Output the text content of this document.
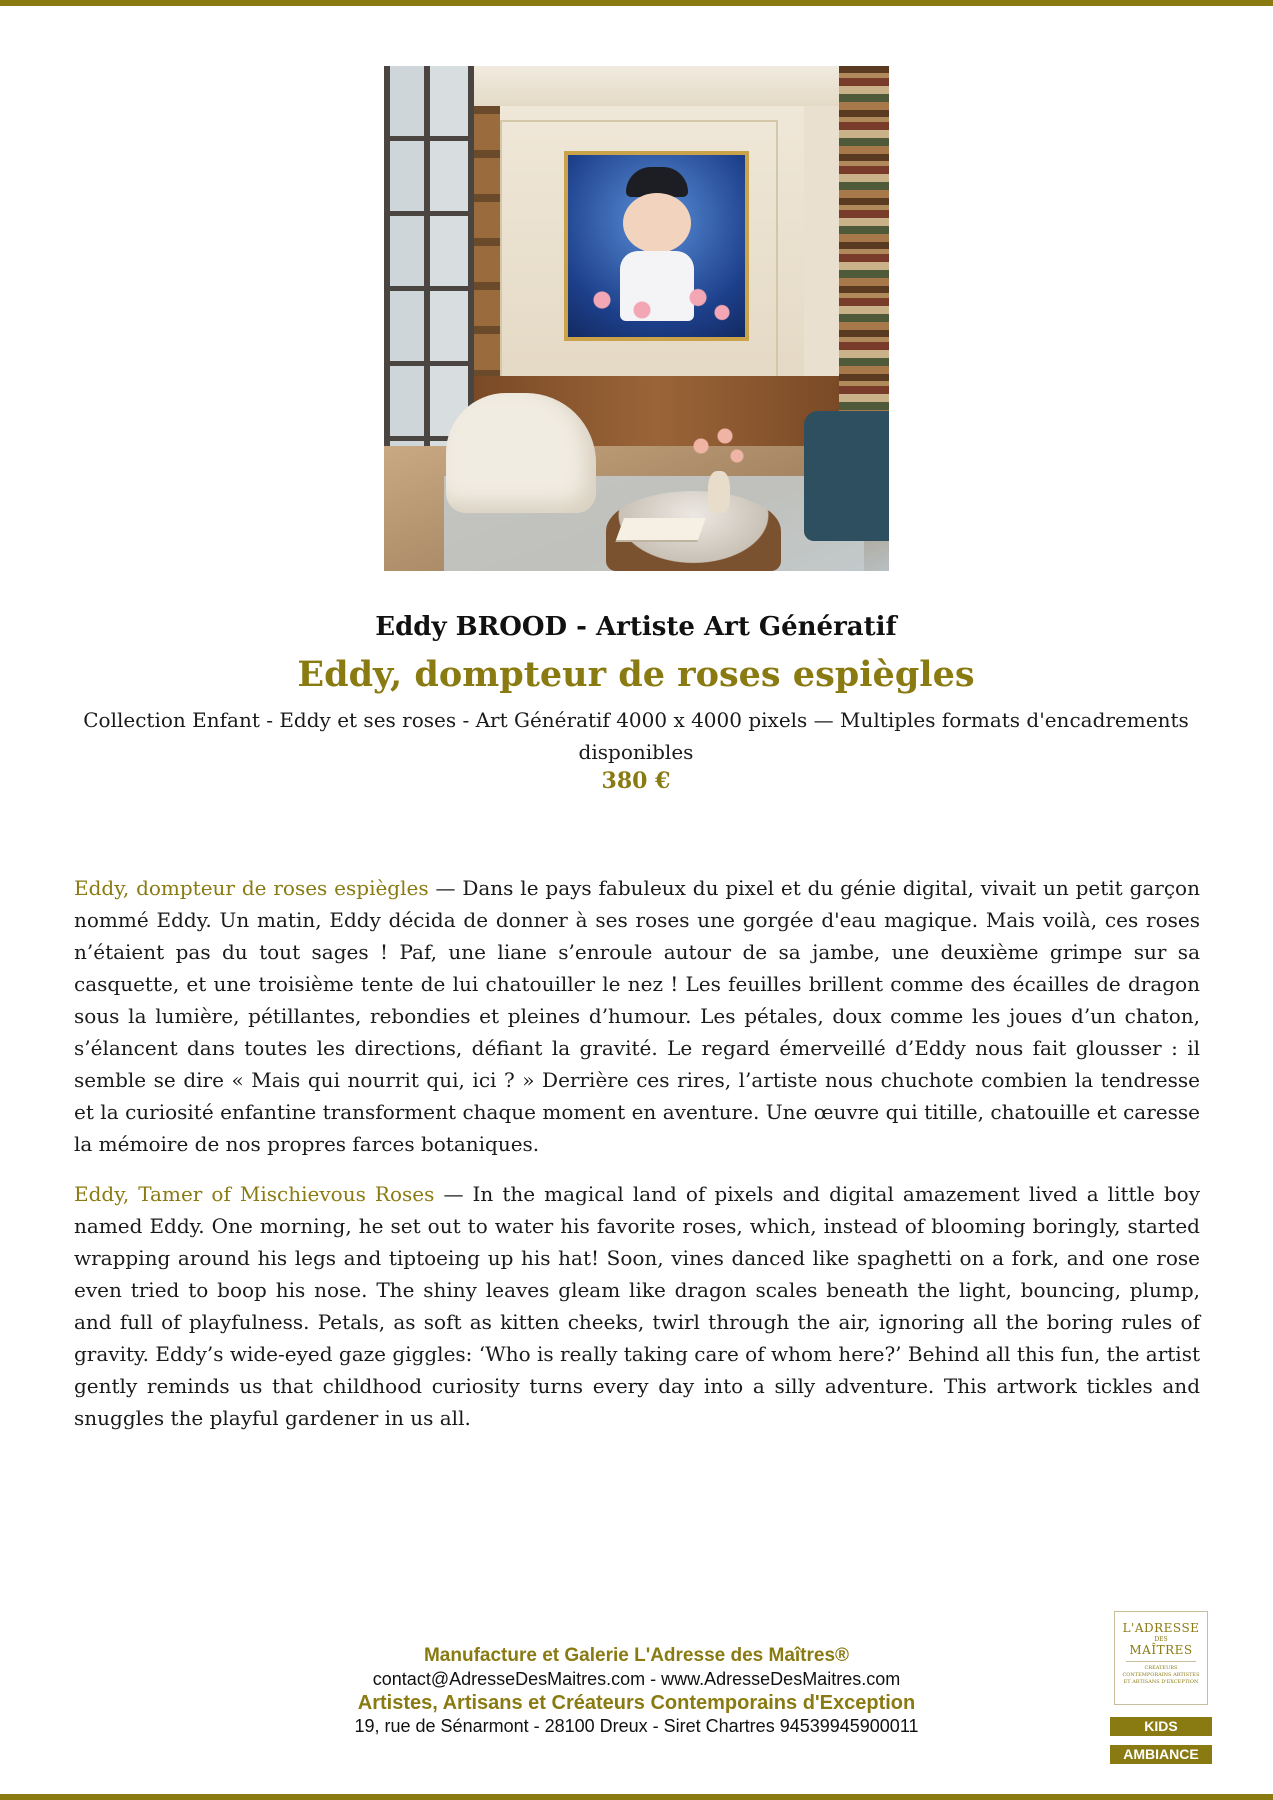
Eddy BROOD - Artiste Art Génératif

Eddy, dompteur de roses espiègles

Collection Enfant - Eddy et ses roses - Art Génératif 4000 x 4000 pixels — Multiples formats d'encadrements disponibles

380 €

Eddy, dompteur de roses espiègles — Dans le pays fabuleux du pixel et du génie digital, vivait un petit garçon nommé Eddy. Un matin, Eddy décida de donner à ses roses une gorgée d'eau magique. Mais voilà, ces roses n’étaient pas du tout sages ! Paf, une liane s’enroule autour de sa jambe, une deuxième grimpe sur sa casquette, et une troisième tente de lui chatouiller le nez ! Les feuilles brillent comme des écailles de dragon sous la lumière, pétillantes, rebondies et pleines d’humour. Les pétales, doux comme les joues d’un chaton, s’élancent dans toutes les directions, défiant la gravité. Le regard émerveillé d’Eddy nous fait glousser : il semble se dire « Mais qui nourrit qui, ici ? » Derrière ces rires, l’artiste nous chuchote combien la tendresse et la curiosité enfantine transforment chaque moment en aventure. Une œuvre qui titille, chatouille et caresse la mémoire de nos propres farces botaniques.

Eddy, Tamer of Mischievous Roses — In the magical land of pixels and digital amazement lived a little boy named Eddy. One morning, he set out to water his favorite roses, which, instead of blooming boringly, started wrapping around his legs and tiptoeing up his hat! Soon, vines danced like spaghetti on a fork, and one rose even tried to boop his nose. The shiny leaves gleam like dragon scales beneath the light, bouncing, plump, and full of playfulness. Petals, as soft as kitten cheeks, twirl through the air, ignoring all the boring rules of gravity. Eddy’s wide-eyed gaze giggles: ‘Who is really taking care of whom here?’ Behind all this fun, the artist gently reminds us that childhood curiosity turns every day into a silly adventure. This artwork tickles and snuggles the playful gardener in us all.

Manufacture et Galerie L'Adresse des Maîtres®

contact@AdresseDesMaitres.com - www.AdresseDesMaitres.com

Artistes, Artisans et Créateurs Contemporains d'Exception

19, rue de Sénarmont - 28100 Dreux - Siret Chartres 94539945900011

L'ADRESSE
DES
MAÎTRES
CRÉATEURS CONTEMPORAINS ARTISTES ET ARTISANS D'EXCEPTION
KIDS
AMBIANCE
